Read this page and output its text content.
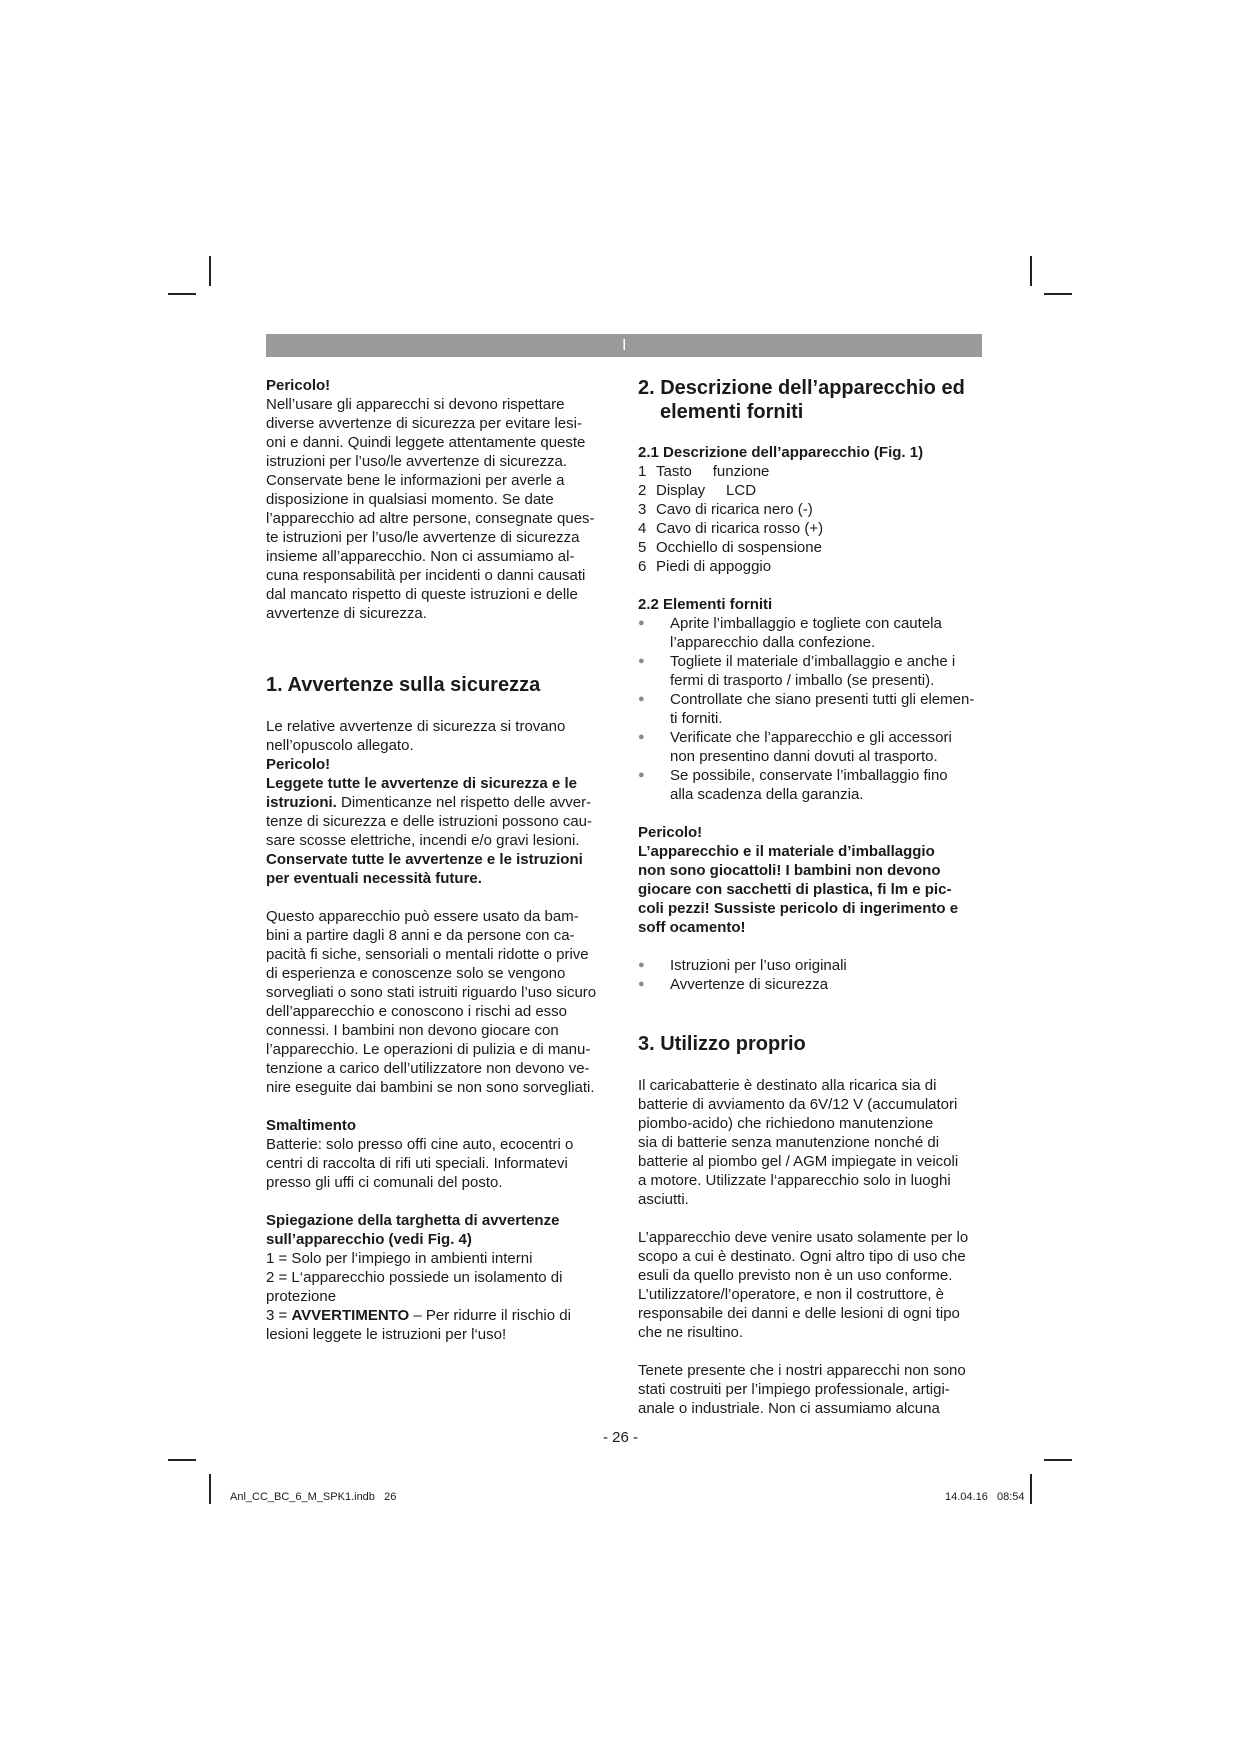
I

Pericolo!

Nell’usare gli apparecchi si devono rispettare

diverse avvertenze di sicurezza per evitare lesi-

oni e danni. Quindi leggete attentamente queste

istruzioni per l’uso/le avvertenze di sicurezza.

Conservate bene le informazioni per averle a

disposizione in qualsiasi momento. Se date

l’apparecchio ad altre persone, consegnate ques-

te istruzioni per l’uso/le avvertenze di sicurezza

insieme all’apparecchio. Non ci assumiamo al-

cuna responsabilità per incidenti o danni causati

dal mancato rispetto di queste istruzioni e delle

avvertenze di sicurezza.

1. Avvertenze sulla sicurezza

Le relative avvertenze di sicurezza si trovano

nell’opuscolo allegato.

Pericolo!

Leggete tutte le avvertenze di sicurezza e le

istruzioni. Dimenticanze nel rispetto delle avver-

tenze di sicurezza e delle istruzioni possono cau-

sare scosse elettriche, incendi e/o gravi lesioni.

Conservate tutte le avvertenze e le istruzioni

per eventuali necessità future.

Questo apparecchio può essere usato da bam-

bini a partire dagli 8 anni e da persone con ca-

pacità fi siche, sensoriali o mentali ridotte o prive

di esperienza e conoscenze solo se vengono

sorvegliati o sono stati istruiti riguardo l’uso sicuro

dell’apparecchio e conoscono i rischi ad esso

connessi. I bambini non devono giocare con

l’apparecchio. Le operazioni di pulizia e di manu-

tenzione a carico dell’utilizzatore non devono ve-

nire eseguite dai bambini se non sono sorvegliati.

Smaltimento

Batterie: solo presso offi cine auto, ecocentri o

centri di raccolta di rifi uti speciali. Informatevi

presso gli uffi ci comunali del posto.

Spiegazione della targhetta di avvertenze

sull’apparecchio (vedi Fig. 4)

1 = Solo per l‘impiego in ambienti interni

2 = L‘apparecchio possiede un isolamento di

protezione

3 = AVVERTIMENTO – Per ridurre il rischio di

lesioni leggete le istruzioni per l‘uso!

2. Descrizione dell’apparecchio ed

elementi forniti

2.1 Descrizione dell’apparecchio (Fig. 1)

1 Tasto     funzione
2 Display     LCD
3 Cavo di ricarica nero (-)
4 Cavo di ricarica rosso (+)
5 Occhiello di sospensione
6 Piedi di appoggio

2.2 Elementi forniti

●	Aprite l’imballaggio e togliete con cautela
l’apparecchio dalla confezione.
●	Togliete il materiale d’imballaggio e anche i
fermi di trasporto / imballo (se presenti).
●	Controllate che siano presenti tutti gli elemen-
ti forniti.
●	Verificate che l’apparecchio e gli accessori
non presentino danni dovuti al trasporto.
●	Se possibile, conservate l’imballaggio fino
alla scadenza della garanzia.

Pericolo!

L’apparecchio e il materiale d’imballaggio

non sono giocattoli! I bambini non devono

giocare con sacchetti di plastica, fi lm e pic-

coli pezzi! Sussiste pericolo di ingerimento e

soff ocamento!

●	Istruzioni per l’uso originali
●	Avvertenze di sicurezza

3. Utilizzo proprio

Il caricabatterie è destinato alla ricarica sia di

batterie di avviamento da 6V/12 V (accumulatori

piombo-acido) che richiedono manutenzione

sia di batterie senza manutenzione nonché di

batterie al piombo gel / AGM impiegate in veicoli

a motore. Utilizzate l‘apparecchio solo in luoghi

asciutti.

L’apparecchio deve venire usato solamente per lo

scopo a cui è destinato. Ogni altro tipo di uso che

esuli da quello previsto non è un uso conforme.

L’utilizzatore/l’operatore, e non il costruttore, è

responsabile dei danni e delle lesioni di ogni tipo

che ne risultino.

Tenete presente che i nostri apparecchi non sono

stati costruiti per l’impiego professionale, artigi-

anale o industriale. Non ci assumiamo alcuna

- 26 -
Anl_CC_BC_6_M_SPK1.indb   26	14.04.16   08:54
